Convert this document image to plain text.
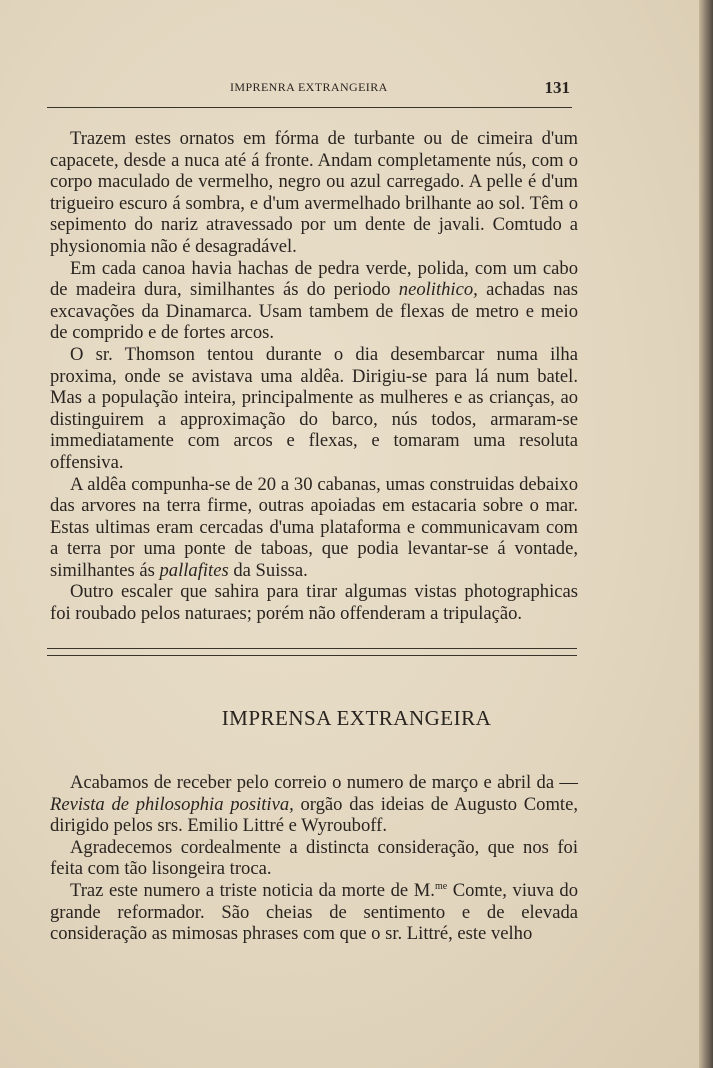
IMPRENRA EXTRANGEIRA	131

Trazem estes ornatos em fórma de turbante ou de cimeira d'um capacete, desde a nuca até á fronte. Andam completamente nús, com o corpo maculado de vermelho, negro ou azul carregado. A pelle é d'um trigueiro escuro á sombra, e d'um avermelhado brilhante ao sol. Têm o sepimento do nariz atravessado por um dente de javali. Comtudo a physionomia não é desagradável.

Em cada canoa havia hachas de pedra verde, polida, com um cabo de madeira dura, similhantes ás do periodo neolithico, achadas nas excavações da Dinamarca. Usam tambem de flexas de metro e meio de comprido e de fortes arcos.

O sr. Thomson tentou durante o dia desembarcar numa ilha proxima, onde se avistava uma aldêa. Dirigiu-se para lá num batel. Mas a população inteira, principalmente as mulheres e as crianças, ao distinguirem a approximação do barco, nús todos, armaram-se immediatamente com arcos e flexas, e tomaram uma resoluta offensiva.

A aldêa compunha-se de 20 a 30 cabanas, umas construidas debaixo das arvores na terra firme, outras apoiadas em estacaria sobre o mar. Estas ultimas eram cercadas d'uma plataforma e communicavam com a terra por uma ponte de taboas, que podia levantar-se á vontade, similhantes ás pallafites da Suissa.

Outro escaler que sahira para tirar algumas vistas photographicas foi roubado pelos naturaes; porém não offenderam a tripulação.

IMPRENSA EXTRANGEIRA

Acabamos de receber pelo correio o numero de março e abril da —Revista de philosophia positiva, orgão das ideias de Augusto Comte, dirigido pelos srs. Emilio Littré e Wyrouboff.

Agradecemos cordealmente a distincta consideração, que nos foi feita com tão lisongeira troca.

Traz este numero a triste noticia da morte de M.$^{me}$ Comte, viuva do grande reformador. São cheias de sentimento e de elevada consideração as mimosas phrases com que o sr. Littré, este velho
